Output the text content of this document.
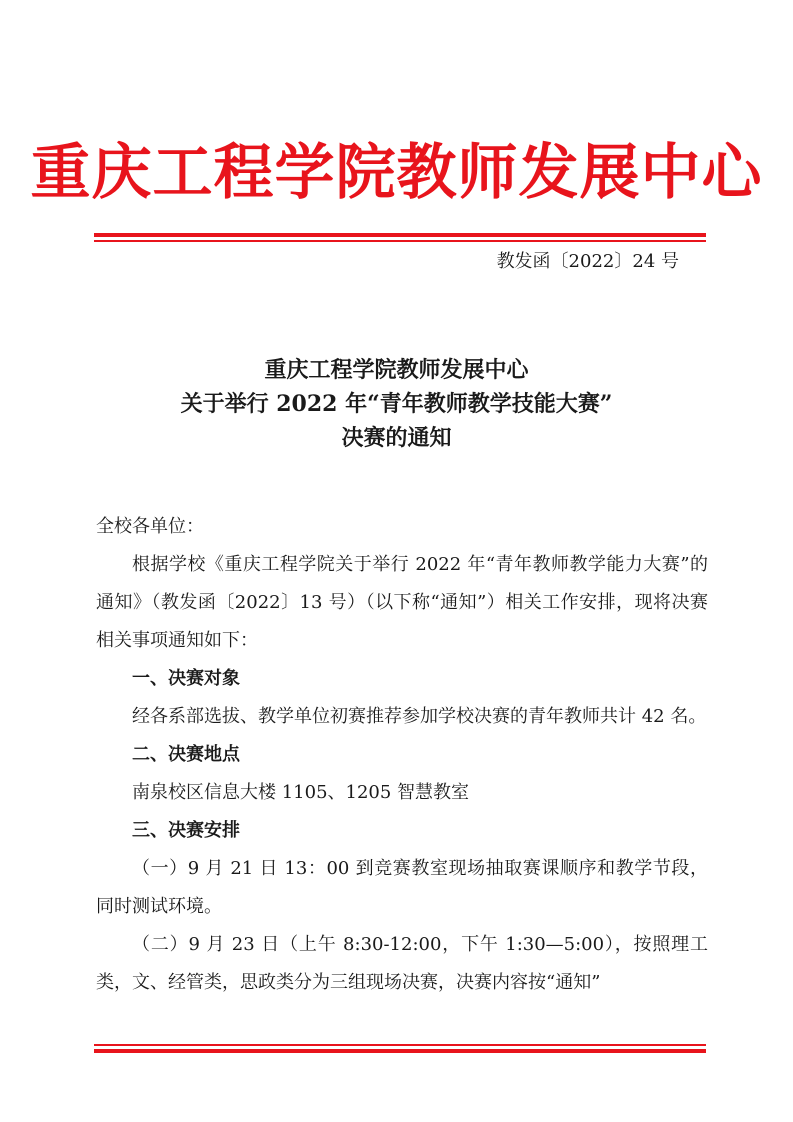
重庆工程学院教师发展中心
教发函〔2022〕24 号
重庆工程学院教师发展中心
关于举行 2022 年“青年教师教学技能大赛”
决赛的通知

全校各单位：

根据学校《重庆工程学院关于举行 2022 年“青年教师教学能力大赛”的通知》（教发函〔2022〕13 号）（以下称“通知”）相关工作安排，现将决赛相关事项通知如下：

一、决赛对象

经各系部选拔、教学单位初赛推荐参加学校决赛的青年教师共计 42 名。

二、决赛地点

南泉校区信息大楼 1105、1205 智慧教室

三、决赛安排

（一）9 月 21 日 13：00 到竞赛教室现场抽取赛课顺序和教学节段，同时测试环境。

（二）9 月 23 日（上午 8:30-12:00，下午 1:30—5:00），按照理工类，文、经管类，思政类分为三组现场决赛，决赛内容按“通知”
